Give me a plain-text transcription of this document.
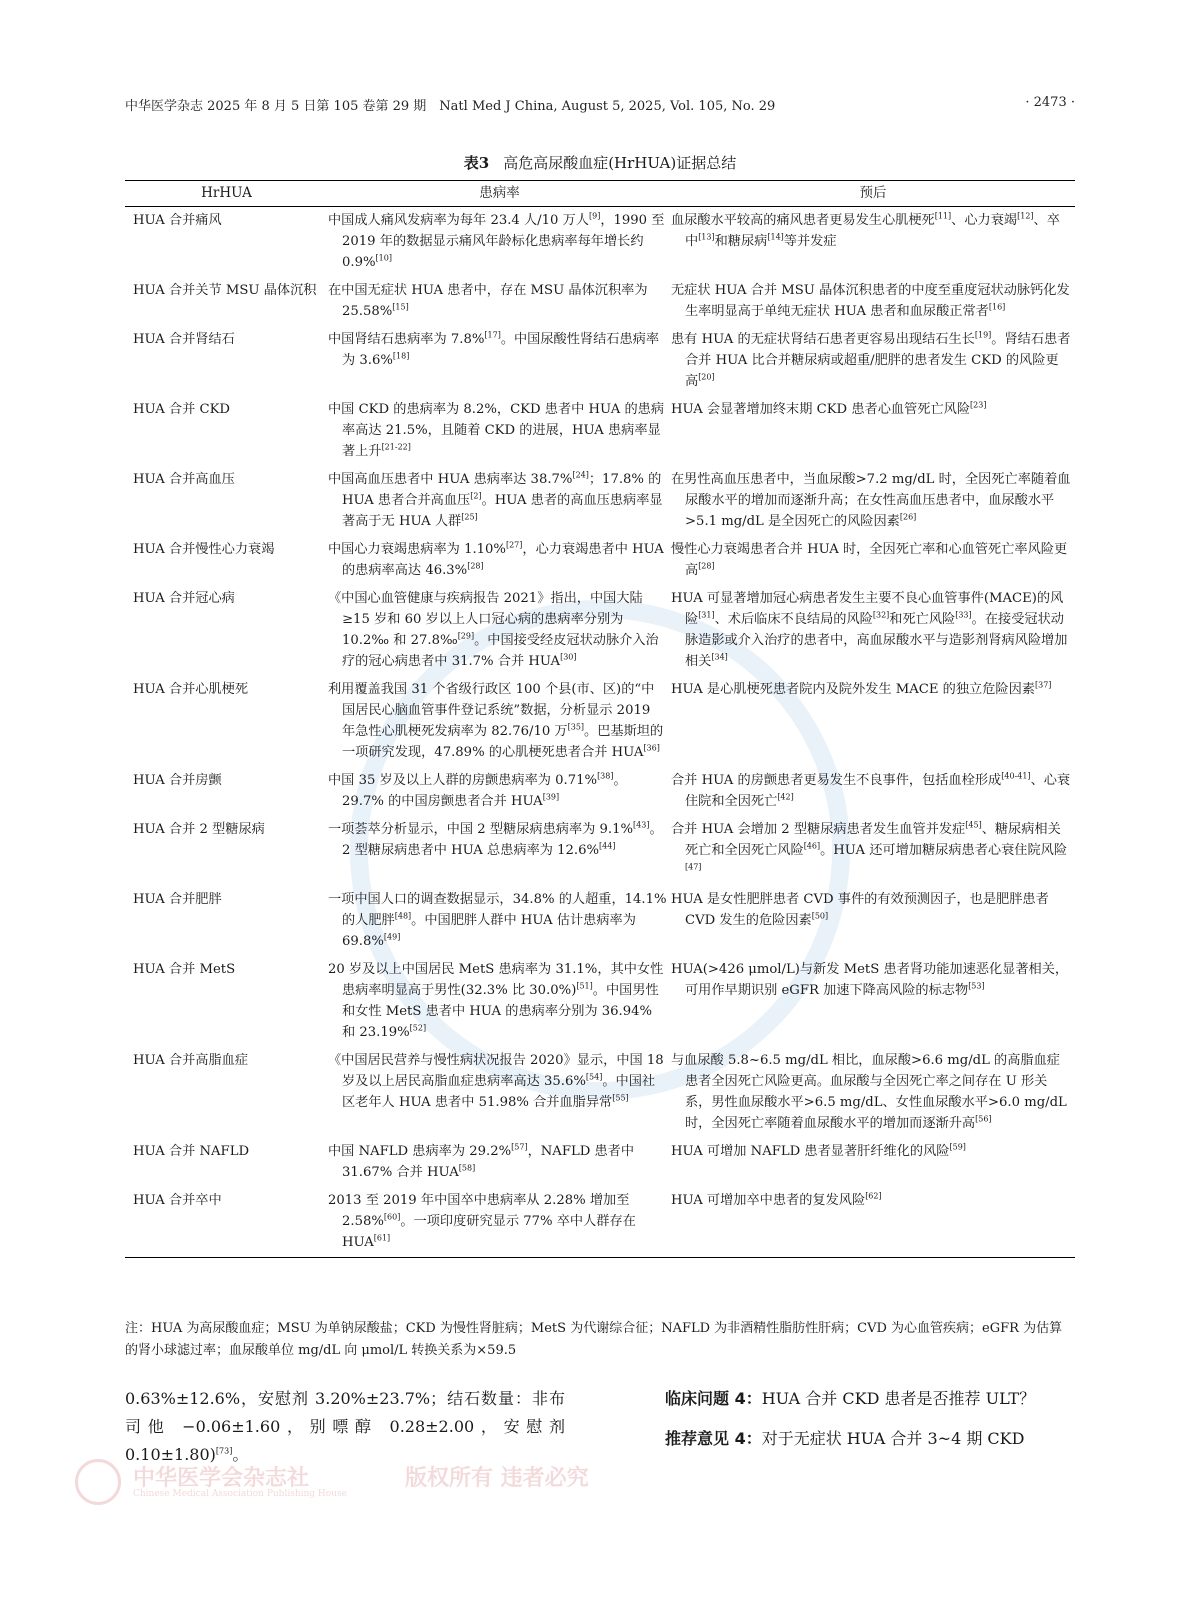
中华医学杂志 2025 年 8 月 5 日第 105 卷第 29 期　Natl Med J China, August 5, 2025, Vol. 105, No. 29	· 2473 ·
表3 高危高尿酸血症(HrHUA)证据总结
HrHUA	患病率	预后
HUA 合并痛风	中国成人痛风发病率为每年 23.4 人/10 万人[9]，1990 至 2019 年的数据显示痛风年龄标化患病率每年增长约 0.9%[10]	血尿酸水平较高的痛风患者更易发生心肌梗死[11]、心力衰竭[12]、卒中[13]和糖尿病[14]等并发症
HUA 合并关节 MSU 晶体沉积	在中国无症状 HUA 患者中，存在 MSU 晶体沉积率为 25.58%[15]	无症状 HUA 合并 MSU 晶体沉积患者的中度至重度冠状动脉钙化发生率明显高于单纯无症状 HUA 患者和血尿酸正常者[16]
HUA 合并肾结石	中国肾结石患病率为 7.8%[17]。中国尿酸性肾结石患病率为 3.6%[18]	患有 HUA 的无症状肾结石患者更容易出现结石生长[19]。肾结石患者合并 HUA 比合并糖尿病或超重/肥胖的患者发生 CKD 的风险更高[20]
HUA 合并 CKD	中国 CKD 的患病率为 8.2%，CKD 患者中 HUA 的患病率高达 21.5%，且随着 CKD 的进展，HUA 患病率显著上升[21-22]	HUA 会显著增加终末期 CKD 患者心血管死亡风险[23]
HUA 合并高血压	中国高血压患者中 HUA 患病率达 38.7%[24]；17.8% 的 HUA 患者合并高血压[2]。HUA 患者的高血压患病率显著高于无 HUA 人群[25]	在男性高血压患者中，当血尿酸>7.2 mg/dL 时，全因死亡率随着血尿酸水平的增加而逐渐升高；在女性高血压患者中，血尿酸水平>5.1 mg/dL 是全因死亡的风险因素[26]
HUA 合并慢性心力衰竭	中国心力衰竭患病率为 1.10%[27]，心力衰竭患者中 HUA 的患病率高达 46.3%[28]	慢性心力衰竭患者合并 HUA 时，全因死亡率和心血管死亡率风险更高[28]
HUA 合并冠心病	《中国心血管健康与疾病报告 2021》指出，中国大陆≥15 岁和 60 岁以上人口冠心病的患病率分别为 10.2‰ 和 27.8‰[29]。中国接受经皮冠状动脉介入治疗的冠心病患者中 31.7% 合并 HUA[30]	HUA 可显著增加冠心病患者发生主要不良心血管事件(MACE)的风险[31]、术后临床不良结局的风险[32]和死亡风险[33]。在接受冠状动脉造影或介入治疗的患者中，高血尿酸水平与造影剂肾病风险增加相关[34]
HUA 合并心肌梗死	利用覆盖我国 31 个省级行政区 100 个县(市、区)的“中国居民心脑血管事件登记系统”数据，分析显示 2019 年急性心肌梗死发病率为 82.76/10 万[35]。巴基斯坦的一项研究发现，47.89% 的心肌梗死患者合并 HUA[36]	HUA 是心肌梗死患者院内及院外发生 MACE 的独立危险因素[37]
HUA 合并房颤	中国 35 岁及以上人群的房颤患病率为 0.71%[38]。29.7% 的中国房颤患者合并 HUA[39]	合并 HUA 的房颤患者更易发生不良事件，包括血栓形成[40-41]、心衰住院和全因死亡[42]
HUA 合并 2 型糖尿病	一项荟萃分析显示，中国 2 型糖尿病患病率为 9.1%[43]。2 型糖尿病患者中 HUA 总患病率为 12.6%[44]	合并 HUA 会增加 2 型糖尿病患者发生血管并发症[45]、糖尿病相关死亡和全因死亡风险[46]。HUA 还可增加糖尿病患者心衰住院风险[47]
HUA 合并肥胖	一项中国人口的调查数据显示，34.8% 的人超重，14.1% 的人肥胖[48]。中国肥胖人群中 HUA 估计患病率为 69.8%[49]	HUA 是女性肥胖患者 CVD 事件的有效预测因子，也是肥胖患者 CVD 发生的危险因素[50]
HUA 合并 MetS	20 岁及以上中国居民 MetS 患病率为 31.1%，其中女性患病率明显高于男性(32.3% 比 30.0%)[51]。中国男性和女性 MetS 患者中 HUA 的患病率分别为 36.94% 和 23.19%[52]	HUA(>426 μmol/L)与新发 MetS 患者肾功能加速恶化显著相关，可用作早期识别 eGFR 加速下降高风险的标志物[53]
HUA 合并高脂血症	《中国居民营养与慢性病状况报告 2020》显示，中国 18 岁及以上居民高脂血症患病率高达 35.6%[54]。中国社区老年人 HUA 患者中 51.98% 合并血脂异常[55]	与血尿酸 5.8~6.5 mg/dL 相比，血尿酸>6.6 mg/dL 的高脂血症患者全因死亡风险更高。血尿酸与全因死亡率之间存在 U 形关系，男性血尿酸水平>6.5 mg/dL、女性血尿酸水平>6.0 mg/dL 时，全因死亡率随着血尿酸水平的增加而逐渐升高[56]
HUA 合并 NAFLD	中国 NAFLD 患病率为 29.2%[57]，NAFLD 患者中 31.67% 合并 HUA[58]	HUA 可增加 NAFLD 患者显著肝纤维化的风险[59]
HUA 合并卒中	2013 至 2019 年中国卒中患病率从 2.28% 增加至 2.58%[60]。一项印度研究显示 77% 卒中人群存在 HUA[61]	HUA 可增加卒中患者的复发风险[62]
注：HUA 为高尿酸血症；MSU 为单钠尿酸盐；CKD 为慢性肾脏病；MetS 为代谢综合征；NAFLD 为非酒精性脂肪性肝病；CVD 为心血管疾病；eGFR 为估算的肾小球滤过率；血尿酸单位 mg/dL 向 μmol/L 转换关系为×59.5
0.63%±12.6%，安慰剂 3.20%±23.7%；结石数量：非布司他 −0.06±1.60，别嘌醇 0.28±2.00，安慰剂 0.10±1.80)[73]。

临床问题 4：HUA 合并 CKD 患者是否推荐 ULT？

推荐意见 4：对于无症状 HUA 合并 3~4 期 CKD

中华医学会杂志社
Chinese Medical Association Publishing House
版权所有 违者必究
